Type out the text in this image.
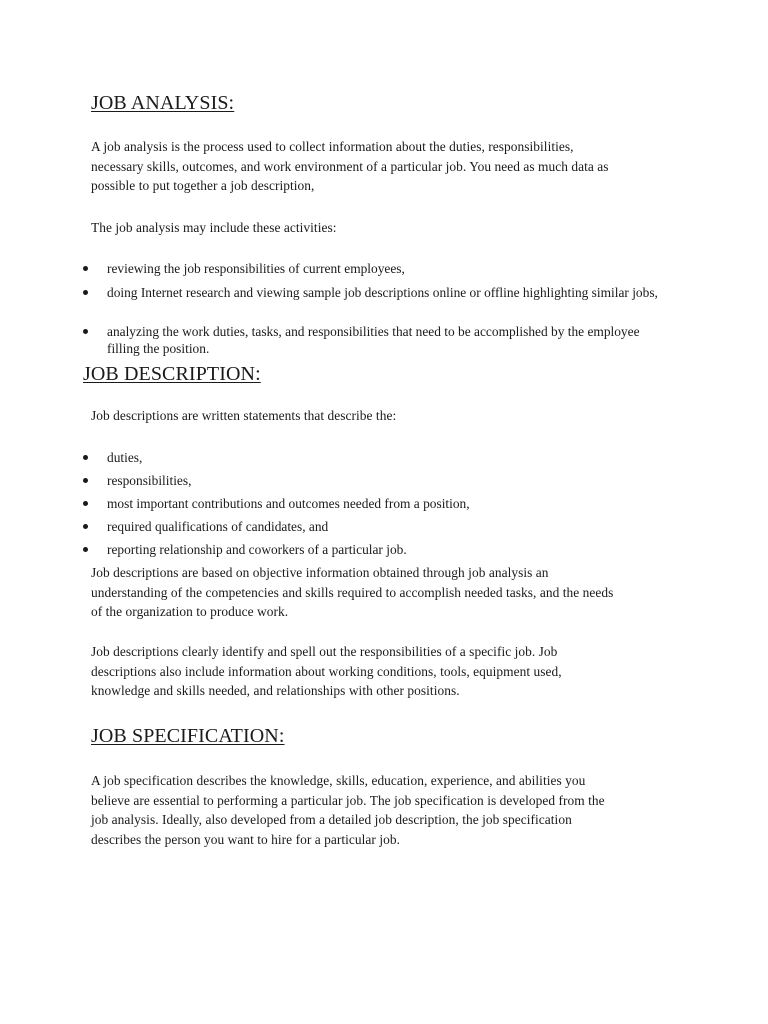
JOB ANALYSIS:

A job analysis is the process used to collect information about the duties, responsibilities,

necessary skills, outcomes, and work environment of a particular job. You need as much data as

possible to put together a job description,

The job analysis may include these activities:

reviewing the job responsibilities of current employees,
doing Internet research and viewing sample job descriptions online or offline highlighting similar jobs,
analyzing the work duties, tasks, and responsibilities that need to be accomplished by the employee filling the position.
JOB DESCRIPTION:

Job descriptions are written statements that describe the:

duties,
responsibilities,
most important contributions and outcomes needed from a position,
required qualifications of candidates, and
reporting relationship and coworkers of a particular job.

Job descriptions are based on objective information obtained through job analysis an

understanding of the competencies and skills required to accomplish needed tasks, and the needs

of the organization to produce work.

Job descriptions clearly identify and spell out the responsibilities of a specific job. Job

descriptions also include information about working conditions, tools, equipment used,

knowledge and skills needed, and relationships with other positions.

JOB SPECIFICATION:

A job specification describes the knowledge, skills, education, experience, and abilities you

believe are essential to performing a particular job. The job specification is developed from the

job analysis. Ideally, also developed from a detailed job description, the job specification

describes the person you want to hire for a particular job.
